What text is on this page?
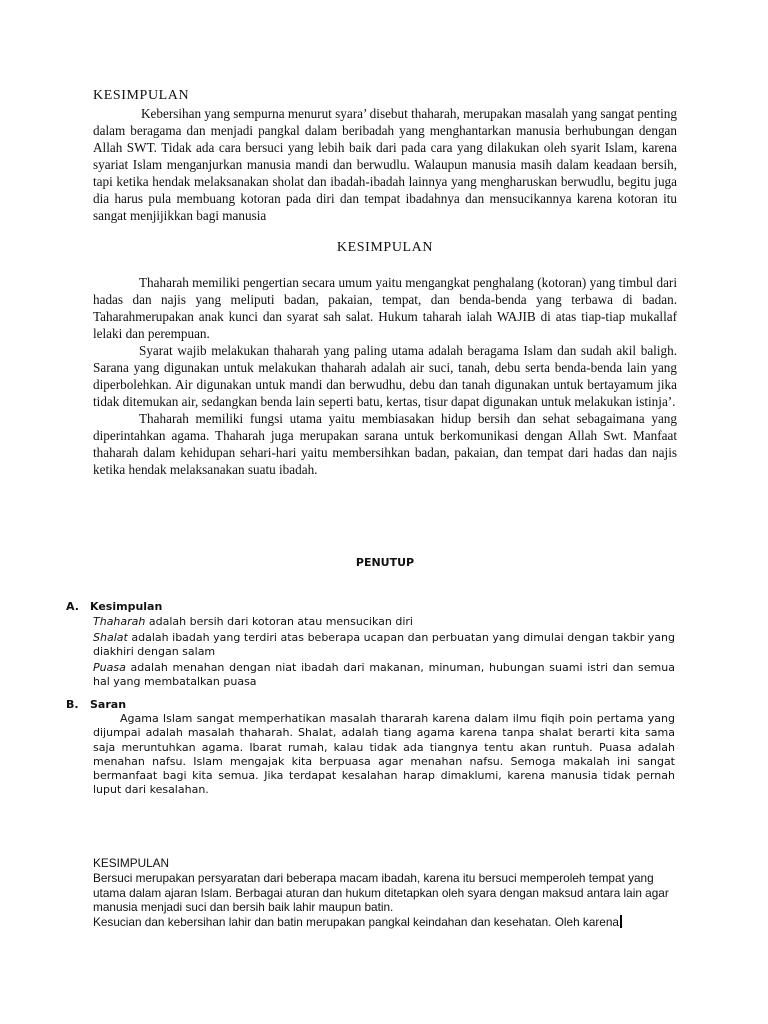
KESIMPULAN

Kebersihan yang sempurna menurut syara’ disebut thaharah, merupakan masalah yang sangat penting dalam beragama dan menjadi pangkal dalam beribadah yang menghantarkan manusia berhubungan dengan Allah SWT. Tidak ada cara bersuci yang lebih baik dari pada cara yang dilakukan oleh syarit Islam, karena syariat Islam menganjurkan manusia mandi dan berwudlu. Walaupun manusia masih dalam keadaan bersih, tapi ketika hendak melaksanakan sholat dan ibadah-ibadah lainnya yang mengharuskan berwudlu, begitu juga dia harus pula membuang kotoran pada diri dan tempat ibadahnya dan mensucikannya karena kotoran itu sangat menjijikkan bagi manusia

KESIMPULAN

Thaharah memiliki pengertian secara umum yaitu mengangkat penghalang (kotoran) yang timbul dari hadas dan najis yang meliputi badan, pakaian, tempat, dan benda-benda yang terbawa di badan. Taharahmerupakan anak kunci dan syarat sah salat. Hukum taharah ialah WAJIB di atas tiap-tiap mukallaf lelaki dan perempuan.

Syarat wajib melakukan thaharah yang paling utama adalah beragama Islam dan sudah akil baligh. Sarana yang digunakan untuk melakukan thaharah adalah air suci, tanah, debu serta benda-benda lain yang diperbolehkan. Air digunakan untuk mandi dan berwudhu, debu dan tanah digunakan untuk bertayamum jika tidak ditemukan air, sedangkan benda lain seperti batu, kertas, tisur dapat digunakan untuk melakukan istinja’.

Thaharah memiliki fungsi utama yaitu membiasakan hidup bersih dan sehat sebagaimana yang diperintahkan agama. Thaharah juga merupakan sarana untuk berkomunikasi dengan Allah Swt. Manfaat thaharah dalam kehidupan sehari-hari yaitu membersihkan badan, pakaian, dan tempat dari hadas dan najis ketika hendak melaksanakan suatu ibadah.

PENUTUP
A. Kesimpulan

Thaharah adalah bersih dari kotoran atau mensucikan diri

Shalat adalah ibadah yang terdiri atas beberapa ucapan dan perbuatan yang dimulai dengan takbir yang diakhiri dengan salam

Puasa adalah menahan dengan niat ibadah dari makanan, minuman, hubungan suami istri dan semua hal yang membatalkan puasa

B. Saran

Agama Islam sangat memperhatikan masalah thararah karena dalam ilmu fiqih poin pertama yang dijumpai adalah masalah thaharah. Shalat, adalah tiang agama karena tanpa shalat berarti kita sama saja meruntuhkan agama. Ibarat rumah, kalau tidak ada tiangnya tentu akan runtuh. Puasa adalah menahan nafsu. Islam mengajak kita berpuasa agar menahan nafsu. Semoga makalah ini sangat bermanfaat bagi kita semua. Jika terdapat kesalahan harap dimaklumi, karena manusia tidak pernah luput dari kesalahan.

KESIMPULAN

Bersuci merupakan persyaratan dari beberapa macam ibadah, karena itu bersuci memperoleh tempat yang utama dalam ajaran Islam. Berbagai aturan dan hukum ditetapkan oleh syara dengan maksud antara lain agar manusia menjadi suci dan bersih baik lahir maupun batin.

Kesucian dan kebersihan lahir dan batin merupakan pangkal keindahan dan kesehatan. Oleh karena
